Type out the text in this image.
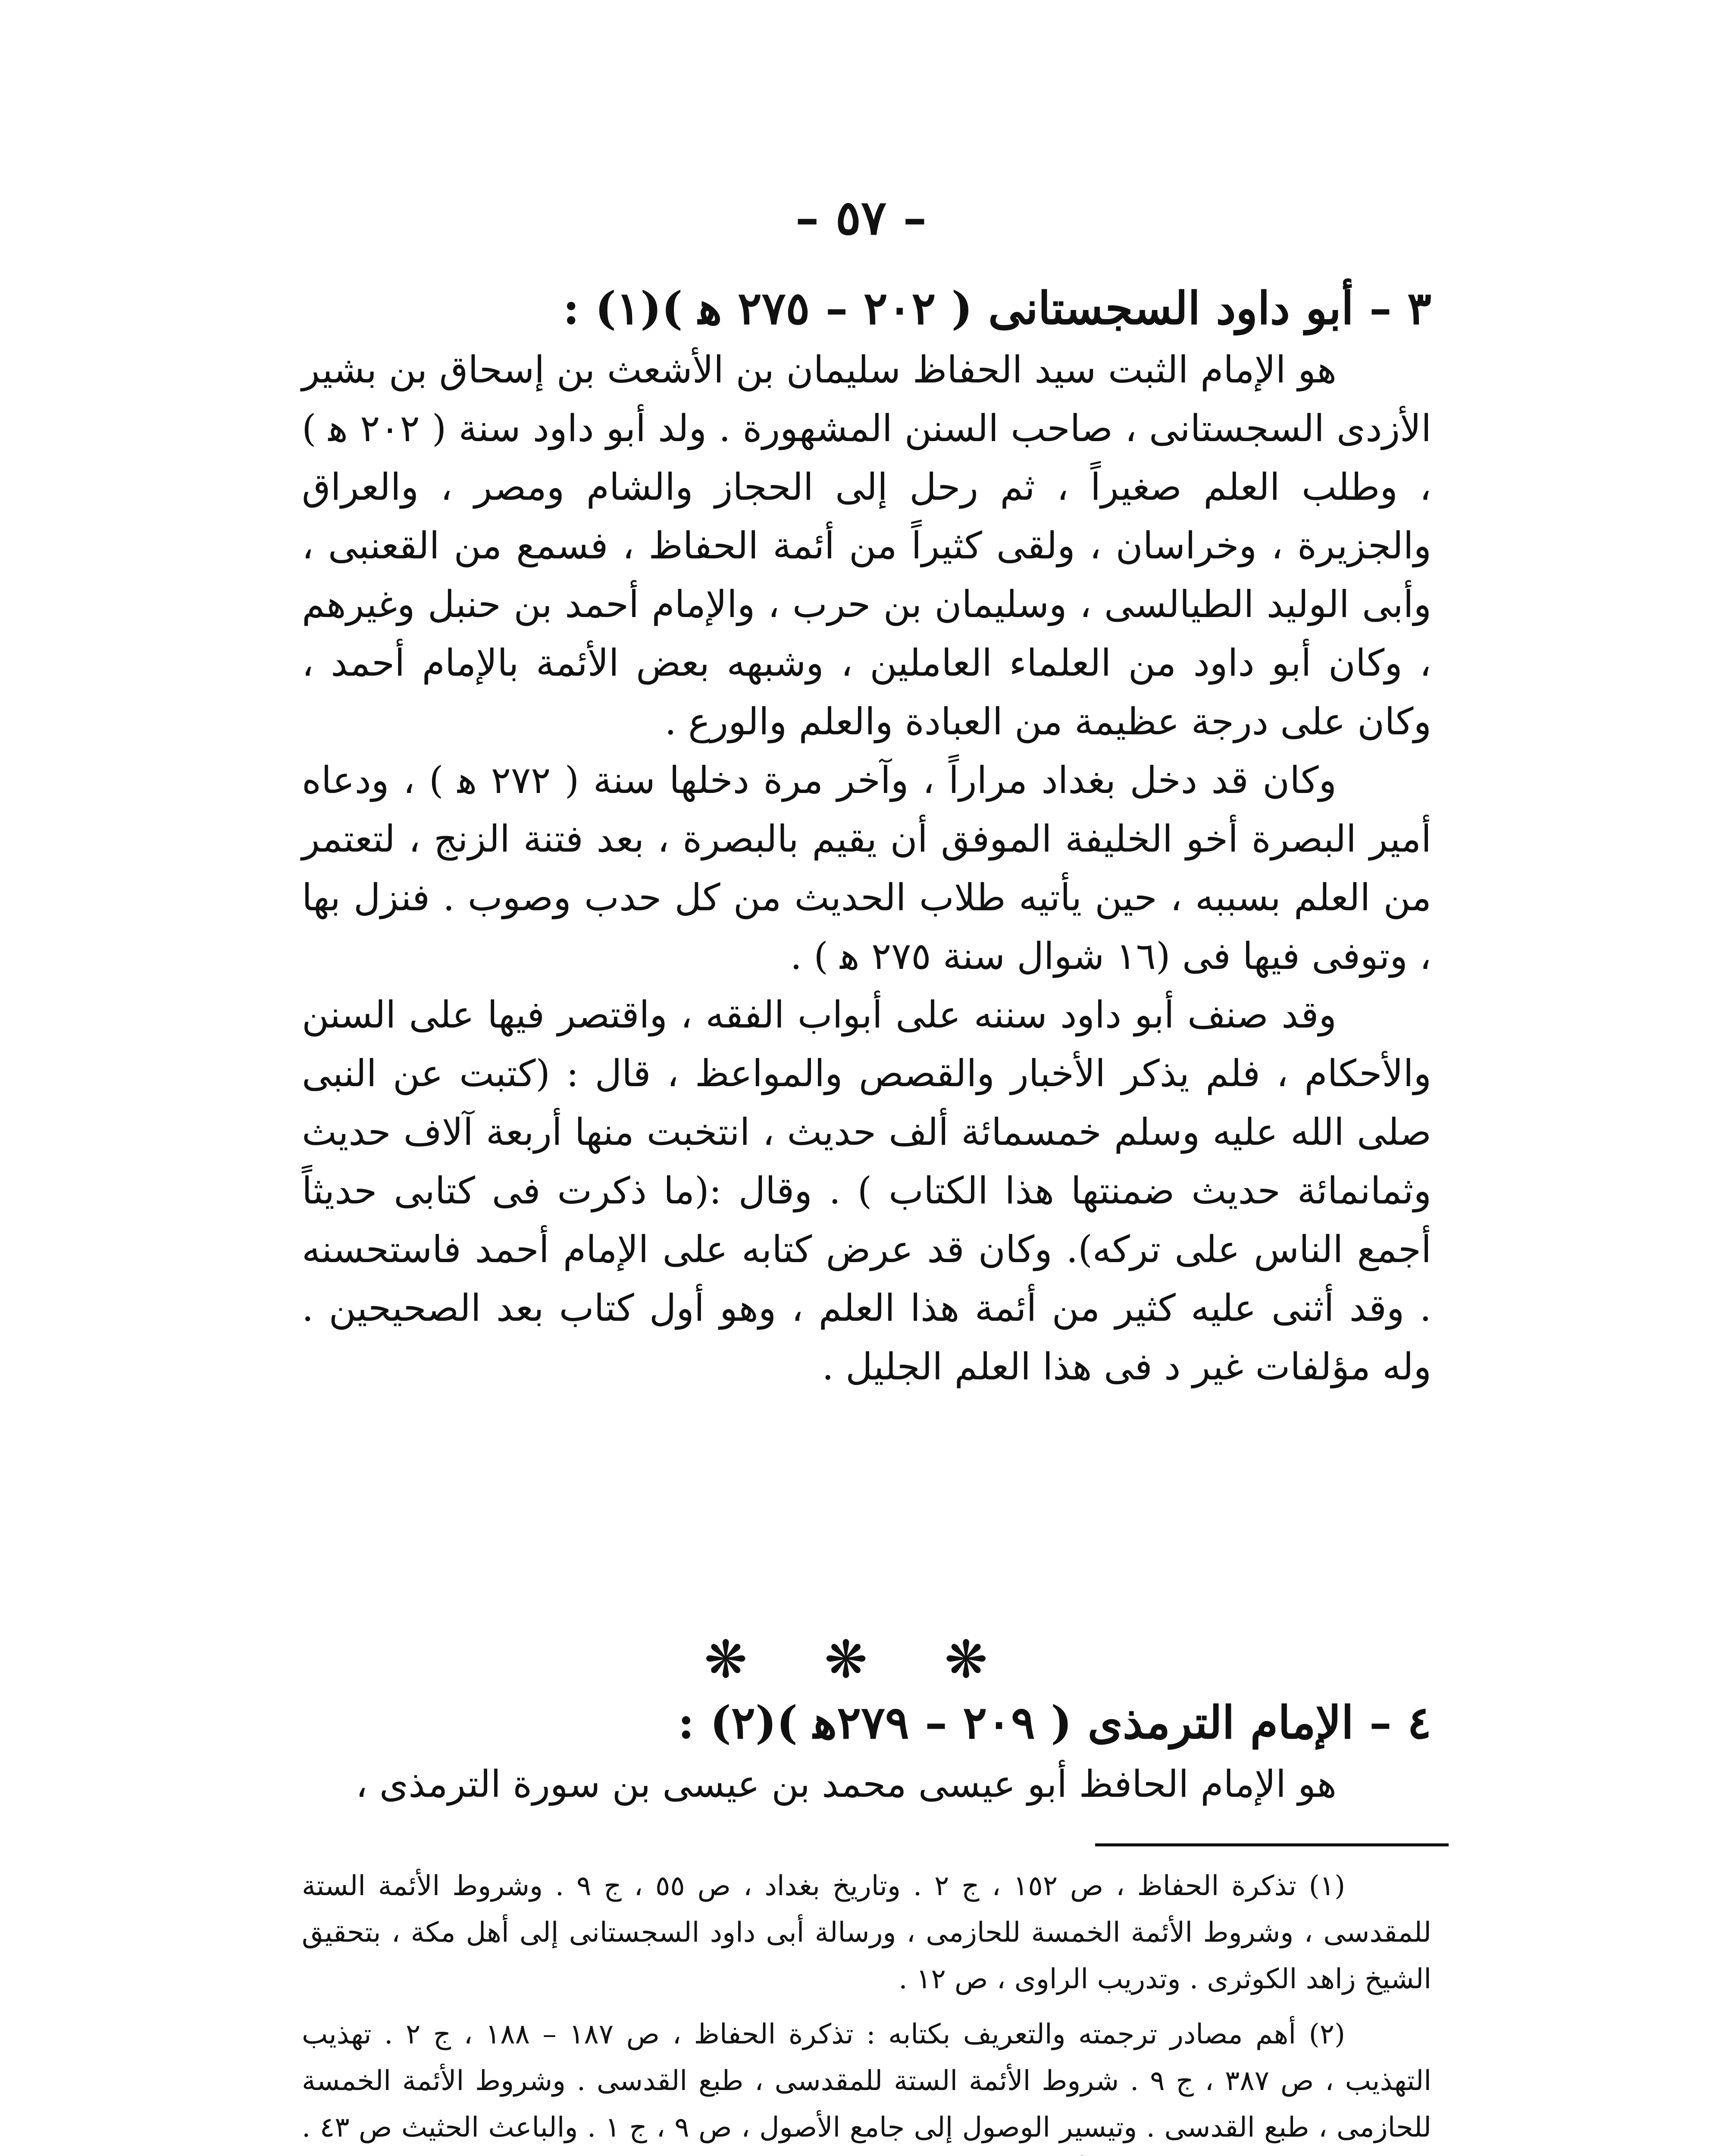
– ٥٧ –

٣ – أبو داود السجستانى ( ٢٠٢ – ٢٧٥ ﻫ )(١) :

هو الإمام الثبت سيد الحفاظ سليمان بن الأشعث بن إسحاق بن بشير الأزدى السجستانى ، صاحب السنن المشهورة . ولد أبو داود سنة ( ٢٠٢ ﻫ ) ، وطلب العلم صغيراً ، ثم رحل إلى الحجاز والشام ومصر ، والعراق والجزيرة ، وخراسان ، ولقى كثيراً من أئمة الحفاظ ، فسمع من القعنبى ، وأبى الوليد الطيالسى ، وسليمان بن حرب ، والإمام أحمد بن حنبل وغيرهم ، وكان أبو داود من العلماء العاملين ، وشبهه بعض الأئمة بالإمام أحمد ، وكان على درجة عظيمة من العبادة والعلم والورع .

وكان قد دخل بغداد مراراً ، وآخر مرة دخلها سنة ( ٢٧٢ ﻫ ) ، ودعاه أمير البصرة أخو الخليفة الموفق أن يقيم بالبصرة ، بعد فتنة الزنج ، لتعتمر من العلم بسببه ، حين يأتيه طلاب الحديث من كل حدب وصوب . فنزل بها ، وتوفى فيها فى (١٦ شوال سنة ٢٧٥ ﻫ ) .

وقد صنف أبو داود سننه على أبواب الفقه ، واقتصر فيها على السنن والأحكام ، فلم يذكر الأخبار والقصص والمواعظ ، قال : (كتبت عن النبى صلى الله عليه وسلم خمسمائة ألف حديث ، انتخبت منها أربعة آلاف حديث وثمانمائة حديث ضمنتها هذا الكتاب ) . وقال :(ما ذكرت فى كتابى حديثاً أجمع الناس على تركه). وكان قد عرض كتابه على الإمام أحمد فاستحسنه . وقد أثنى عليه كثير من أئمة هذا العلم ، وهو أول كتاب بعد الصحيحين . وله مؤلفات غير د فى هذا العلم الجليل .

❋ ❋ ❋

٤ – الإمام الترمذى ( ٢٠٩ – ٢٧٩ﻫ )(٢) :

هو الإمام الحافظ أبو عيسى محمد بن عيسى بن سورة الترمذى ،

(١) تذكرة الحفاظ ، ص ١٥٢ ، ج ٢ . وتاريخ بغداد ، ص ٥٥ ، ج ٩ . وشروط الأئمة الستة للمقدسى ، وشروط الأئمة الخمسة للحازمى ، ورسالة أبى داود السجستانى إلى أهل مكة ، بتحقيق الشيخ زاهد الكوثرى . وتدريب الراوى ، ص ١٢ .

(٢) أهم مصادر ترجمته والتعريف بكتابه : تذكرة الحفاظ ، ص ١٨٧ – ١٨٨ ، ج ٢ . تهذيب التهذيب ، ص ٣٨٧ ، ج ٩ . شروط الأئمة الستة للمقدسى ، طبع القدسى . وشروط الأئمة الخمسة للحازمى ، طبع القدسى . وتيسير الوصول إلى جامع الأصول ، ص ٩ ، ج ١ . والباعث الحثيث ص ٤٣ .
